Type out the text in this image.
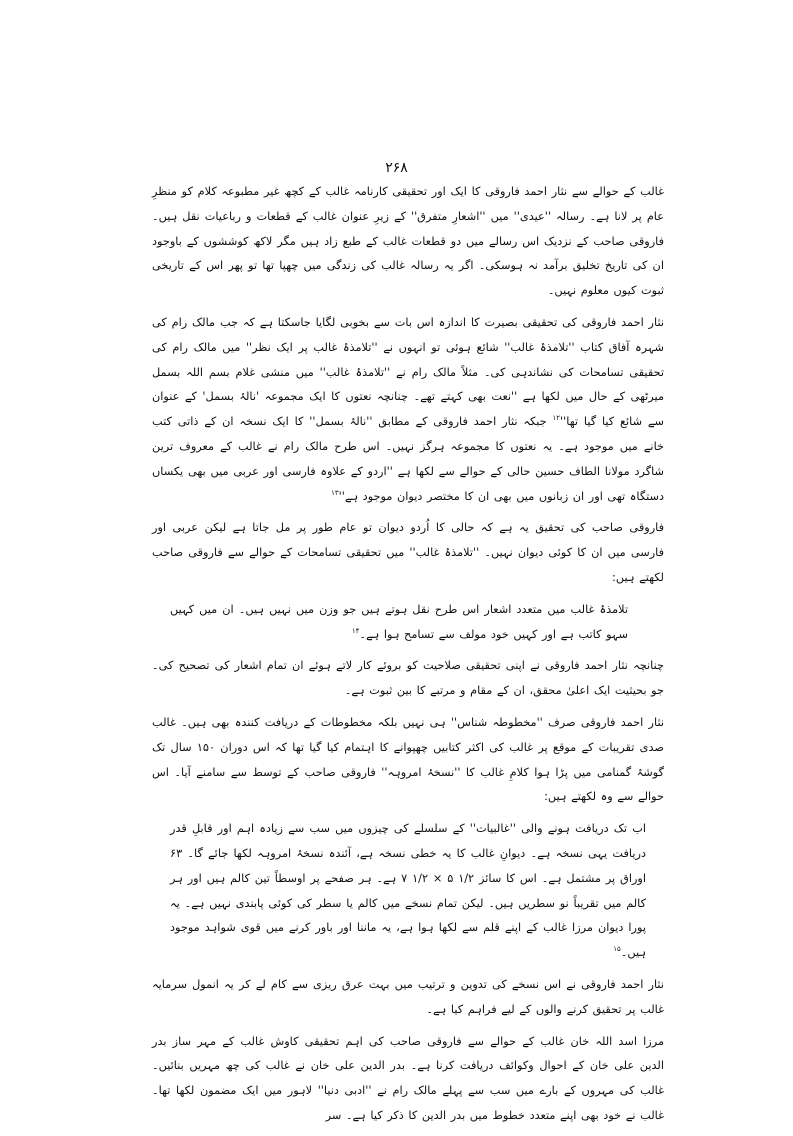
۲۶۸

غالب کے حوالے سے نثار احمد فاروقی کا ایک اور تحقیقی کارنامہ غالب کے کچھ غیر مطبوعہ کلام کو منظرِ عام پر لانا ہے۔ رسالہ ''عیدی'' میں ''اشعارِ متفرق'' کے زیرِ عنوان غالب کے قطعات و رباعیات نقل ہیں۔ فاروقی صاحب کے نزدیک اس رسالے میں دو قطعات غالب کے طبع زاد ہیں مگر لاکھ کوششوں کے باوجود ان کی تاریخ تخلیق برآمد نہ ہوسکی۔ اگر یہ رسالہ غالب کی زندگی میں چھپا تھا تو پھر اس کے تاریخی ثبوت کیوں معلوم نہیں۔

نثار احمد فاروقی کی تحقیقی بصیرت کا اندازہ اس بات سے بخوبی لگایا جاسکتا ہے کہ جب مالک رام کی شہرہ آفاق کتاب ''تلامذۂ غالب'' شائع ہوئی تو انہوں نے ''تلامذۂ غالب پر ایک نظر'' میں مالک رام کی تحقیقی تسامحات کی نشاندہی کی۔ مثلاً مالک رام نے ''تلامذۂ غالب'' میں منشی غلام بسم اللہ بسمل میرٹھی کے حال میں لکھا ہے ''نعت بھی کہتے تھے۔ چنانچہ نعتوں کا ایک مجموعہ 'نالۂ بسمل' کے عنوان سے شائع کیا گیا $تھا''^{۱۲}$ جبکہ نثار احمد فاروقی کے مطابق ''نالۂ بسمل'' کا ایک نسخہ ان کے ذاتی کتب خانے میں موجود ہے۔ یہ نعتوں کا مجموعہ ہرگز نہیں۔ اس طرح مالک رام نے غالب کے معروف ترین شاگرد مولانا الطاف حسین حالی کے حوالے سے لکھا ہے ''اردو کے علاوہ فارسی اور عربی میں بھی یکساں دستگاہ تھی اور ان زبانوں میں بھی ان کا مختصر دیوان موجود $ہے''^{۱۳}$

فاروقی صاحب کی تحقیق یہ ہے کہ حالی کا اُردو دیوان تو عام طور پر مل جاتا ہے لیکن عربی اور فارسی میں ان کا کوئی دیوان نہیں۔ ''تلامذۂ غالب'' میں تحقیقی تسامحات کے حوالے سے فاروقی صاحب لکھتے ہیں:

تلامذۂ غالب میں متعدد اشعار اس طرح نقل ہوتے ہیں جو وزن میں نہیں ہیں۔ ان میں کہیں سہو کاتب ہے اور کہیں خود مولف سے تسامح ہوا ہے۔$^{۱۴}$

چنانچہ نثار احمد فاروقی نے اپنی تحقیقی صلاحیت کو بروئے کار لاتے ہوئے ان تمام اشعار کی تصحیح کی۔ جو بحیثیت ایک اعلیٰ محقق، ان کے مقام و مرتبے کا بین ثبوت ہے۔

نثار احمد فاروقی صرف ''مخطوطہ شناس'' ہی نہیں بلکہ مخطوطات کے دریافت کنندہ بھی ہیں۔ غالب صدی تقریبات کے موقع پر غالب کی اکثر کتابیں چھپوانے کا اہتمام کیا گیا تھا کہ اس دوران ۱۵۰ سال تک گوشۂ گمنامی میں پڑا ہوا کلامِ غالب کا ''نسخۂ امروہہ'' فاروقی صاحب کے توسط سے سامنے آیا۔ اس حوالے سے وہ لکھتے ہیں:

اب تک دریافت ہونے والی ''غالبیات'' کے سلسلے کی چیزوں میں سب سے زیادہ اہم اور قابلِ قدر دریافت یہی نسخہ ہے۔ دیوانِ غالب کا یہ خطی نسخہ ہے، آئندہ نسخۂ امروہہ لکھا جائے گا۔ ۶۳ اوراق پر مشتمل ہے۔ اس کا سائز ۱/۲ ۵ × ۱/۲ ۷ ہے۔ ہر صفحے پر اوسطاً تین کالم ہیں اور ہر کالم میں تقریباً نو سطریں ہیں۔ لیکن تمام نسخے میں کالم یا سطر کی کوئی پابندی نہیں ہے۔ یہ پورا دیوان مرزا غالب کے اپنے قلم سے لکھا ہوا ہے، یہ ماننا اور باور کرنے میں قوی شواہد موجود ہیں۔$^{۱۵}$

نثار احمد فاروقی نے اس نسخے کی تدوین و ترتیب میں بہت عرق ریزی سے کام لے کر یہ انمول سرمایہ غالب پر تحقیق کرنے والوں کے لیے فراہم کیا ہے۔

مرزا اسد اللہ خان غالب کے حوالے سے فاروقی صاحب کی اہم تحقیقی کاوش غالب کے مہر ساز بدر الدین علی خان کے احوال وکوائف دریافت کرنا ہے۔ بدر الدین علی خان نے غالب کی چھ مہریں بنائیں۔ غالب کی مہروں کے بارے میں سب سے پہلے مالک رام نے ''ادبی دنیا'' لاہور میں ایک مضمون لکھا تھا۔ غالب نے خود بھی اپنے متعدد خطوط میں بدر الدین کا ذکر کیا ہے۔ سر
